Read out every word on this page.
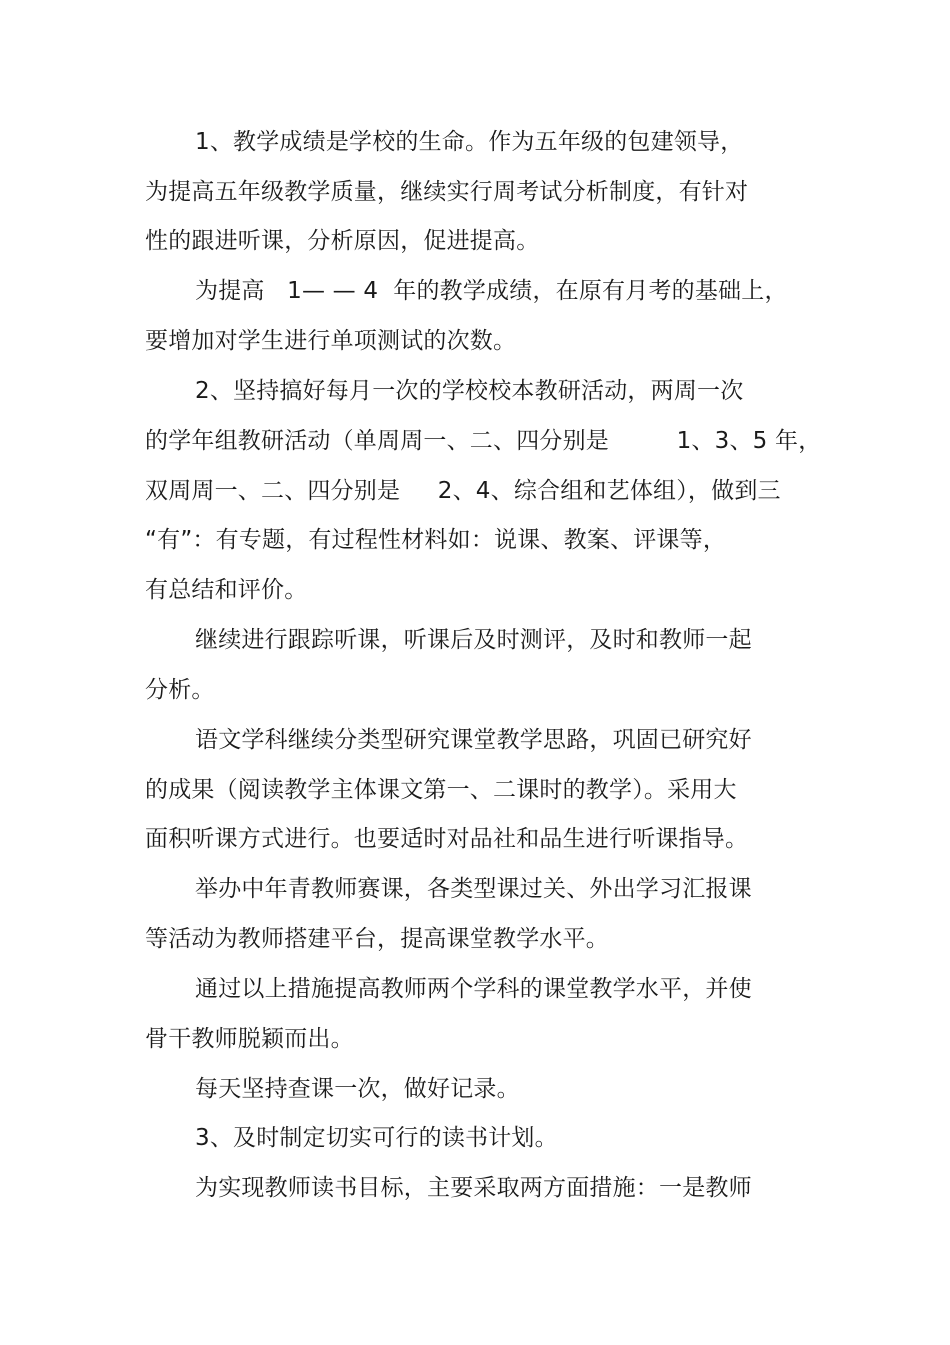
1、教学成绩是学校的生命。作为五年级的包建领导，

为提高五年级教学质量，继续实行周考试分析制度，有针对

性的跟进听课，分析原因，促进提高。

为提高   1— — 4  年的教学成绩，在原有月考的基础上，

要增加对学生进行单项测试的次数。

2、坚持搞好每月一次的学校校本教研活动，两周一次

的学年组教研活动（单周周一、二、四分别是         1、3、5 年，

双周周一、二、四分别是     2、4、综合组和艺体组），做到三

“有”：有专题，有过程性材料如：说课、教案、评课等，

有总结和评价。

继续进行跟踪听课，听课后及时测评，及时和教师一起

分析。

语文学科继续分类型研究课堂教学思路，巩固已研究好

的成果（阅读教学主体课文第一、二课时的教学）。采用大

面积听课方式进行。也要适时对品社和品生进行听课指导。

举办中年青教师赛课，各类型课过关、外出学习汇报课

等活动为教师搭建平台，提高课堂教学水平。

通过以上措施提高教师两个学科的课堂教学水平，并使

骨干教师脱颖而出。

每天坚持查课一次，做好记录。

3、及时制定切实可行的读书计划。

为实现教师读书目标，主要采取两方面措施：一是教师
